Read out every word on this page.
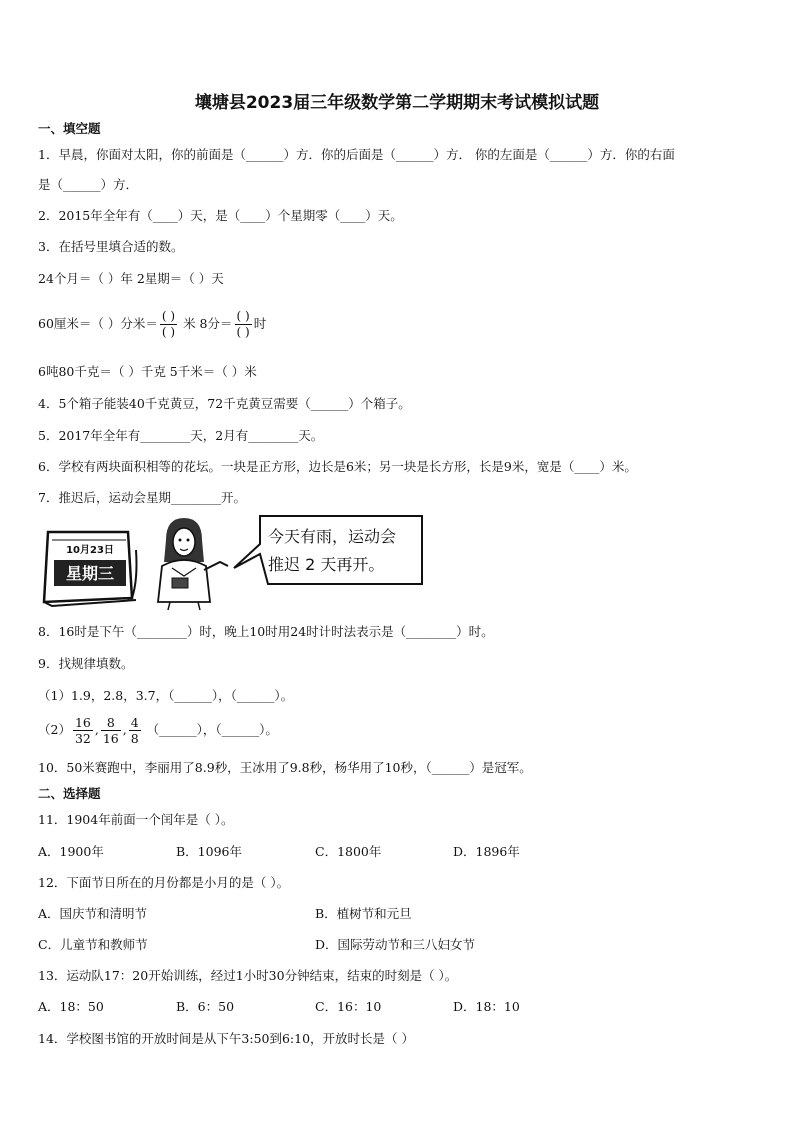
壤塘县2023届三年级数学第二学期期末考试模拟试题
一、填空题
1．早晨，你面对太阳，你的前面是（______）方．你的后面是（______）方． 你的左面是（______）方．你的右面
是（______）方．
2．2015年全年有（____）天，是（____）个星期零（____）天。
3．在括号里填合适的数。
24个月＝（ ）年 2星期＝（ ）天
60厘米＝（ ）分米＝ $\frac{( )}{( )}$ 米 8分＝ $\frac{( )}{( )}$ 时
6吨80千克＝（ ）千克 5千米＝（ ）米
4．5个箱子能装40千克黄豆，72千克黄豆需要（______）个箱子。
5．2017年全年有________天，2月有________天。
6．学校有两块面积相等的花坛。一块是正方形，边长是6米；另一块是长方形，长是9米，宽是（____）米。
7．推迟后，运动会星期________开。
10月23日
星期三
今天有雨，运动会
推迟 2 天再开。
8．16时是下午（________）时，晚上10时用24时计时法表示是（________）时。
9．找规律填数。
（1）1.9，2.8，3.7，（______），（______）。
$(2) \frac{16}{32}$ , $\frac{8}{16}$ , $\frac{4}{8}$ （______），（______）。
10．50米赛跑中，李丽用了8.9秒，王冰用了9.8秒，杨华用了10秒，（______）是冠军。
二、选择题
11．1904年前面一个闰年是（ ）。
A．1900年	B．1096年	C．1800年	D．1896年
12．下面节日所在的月份都是小月的是（ ）。
A．国庆节和清明节	B．植树节和元旦
C．儿童节和教师节	D．国际劳动节和三八妇女节
13．运动队17：20开始训练，经过1小时30分钟结束，结束的时刻是（ ）。
A．18：50	B．6：50	C．16：10	D．18：10
14．学校图书馆的开放时间是从下午3:50到6:10，开放时长是（ ）
